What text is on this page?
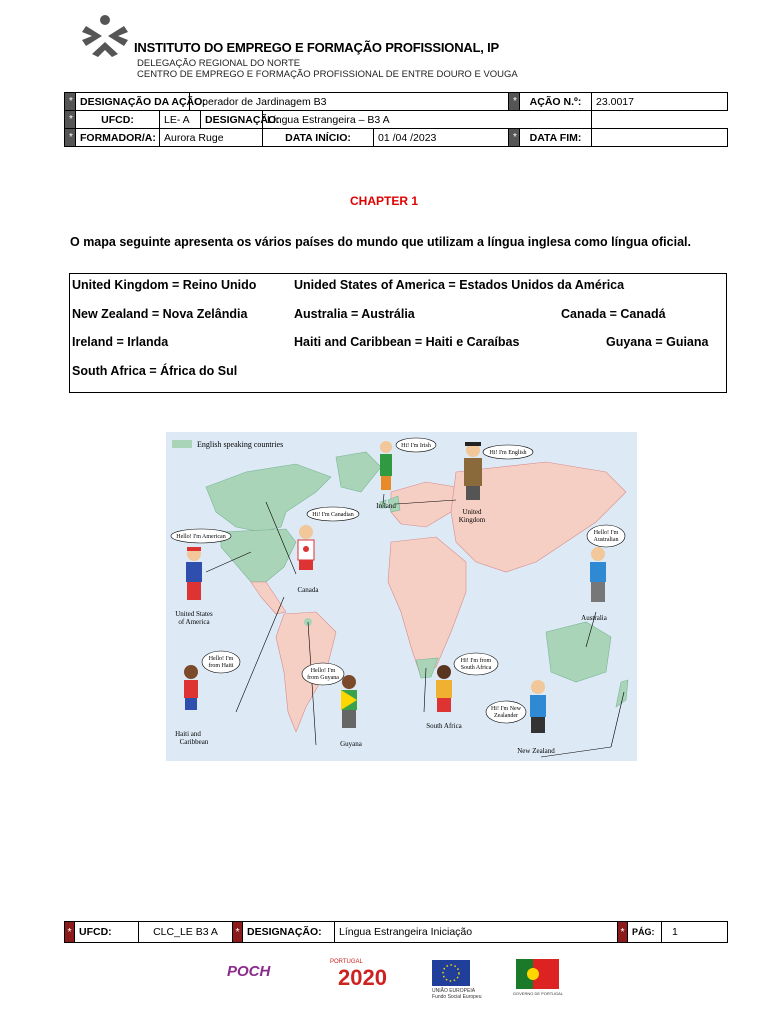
INSTITUTO DO EMPREGO E FORMAÇÃO PROFISSIONAL, IP
DELEGAÇÃO REGIONAL DO NORTE
CENTRO DE EMPREGO E FORMAÇÃO PROFISSIONAL DE ENTRE DOURO E VOUGA
*	DESIGNAÇÃO DA AÇÃO:		Operador de Jardinagem B3				*	AÇÃO N.º:	23.0017
*	UFCD:	LE- A		DESIGNAÇÃO:	Língua Estrangeira – B3 A				
*	FORMADOR/A:	Aurora Ruge			DATA INÍCIO:	01 /04 /2023	*	DATA FIM:	
CHAPTER 1
O mapa seguinte apresenta os vários países do mundo que utilizam a língua inglesa como língua oficial.
United Kingdom = Reino Unido	Unided States of America = Estados Unidos da América
New Zealand = Nova Zelândia	Australia = Austrália	Canada = Canadá
Ireland = Irlanda	Haiti and Caribbean = Haiti e Caraíbas	Guyana = Guiana
South Africa = África do Sul
English speaking countries	Hi! I'm Irish
Hi! I'm English
Hi! I'm Canadian
Hello! I'm American
Hello! I'm
Australian
Hello! I'm
from Haiti
Hello! I'm
from Guyana
Hi! I'm from
South Africa
Hi! I'm New
Zealander
Ireland
United
Kingdom
Canada
United States
of America	Australia
Haiti and
Caribbean	Guyana
South Africa
New Zealand
*	UFCD:	CLC_LE B3 A	*	DESIGNAÇÃO:	Língua Estrangeira Iniciação	*	PÁG:	1
POCH
PORTUGAL
2020
UNIÃO EUROPEIA
Fundo Social Europeu
GOVERNO DE PORTUGAL
